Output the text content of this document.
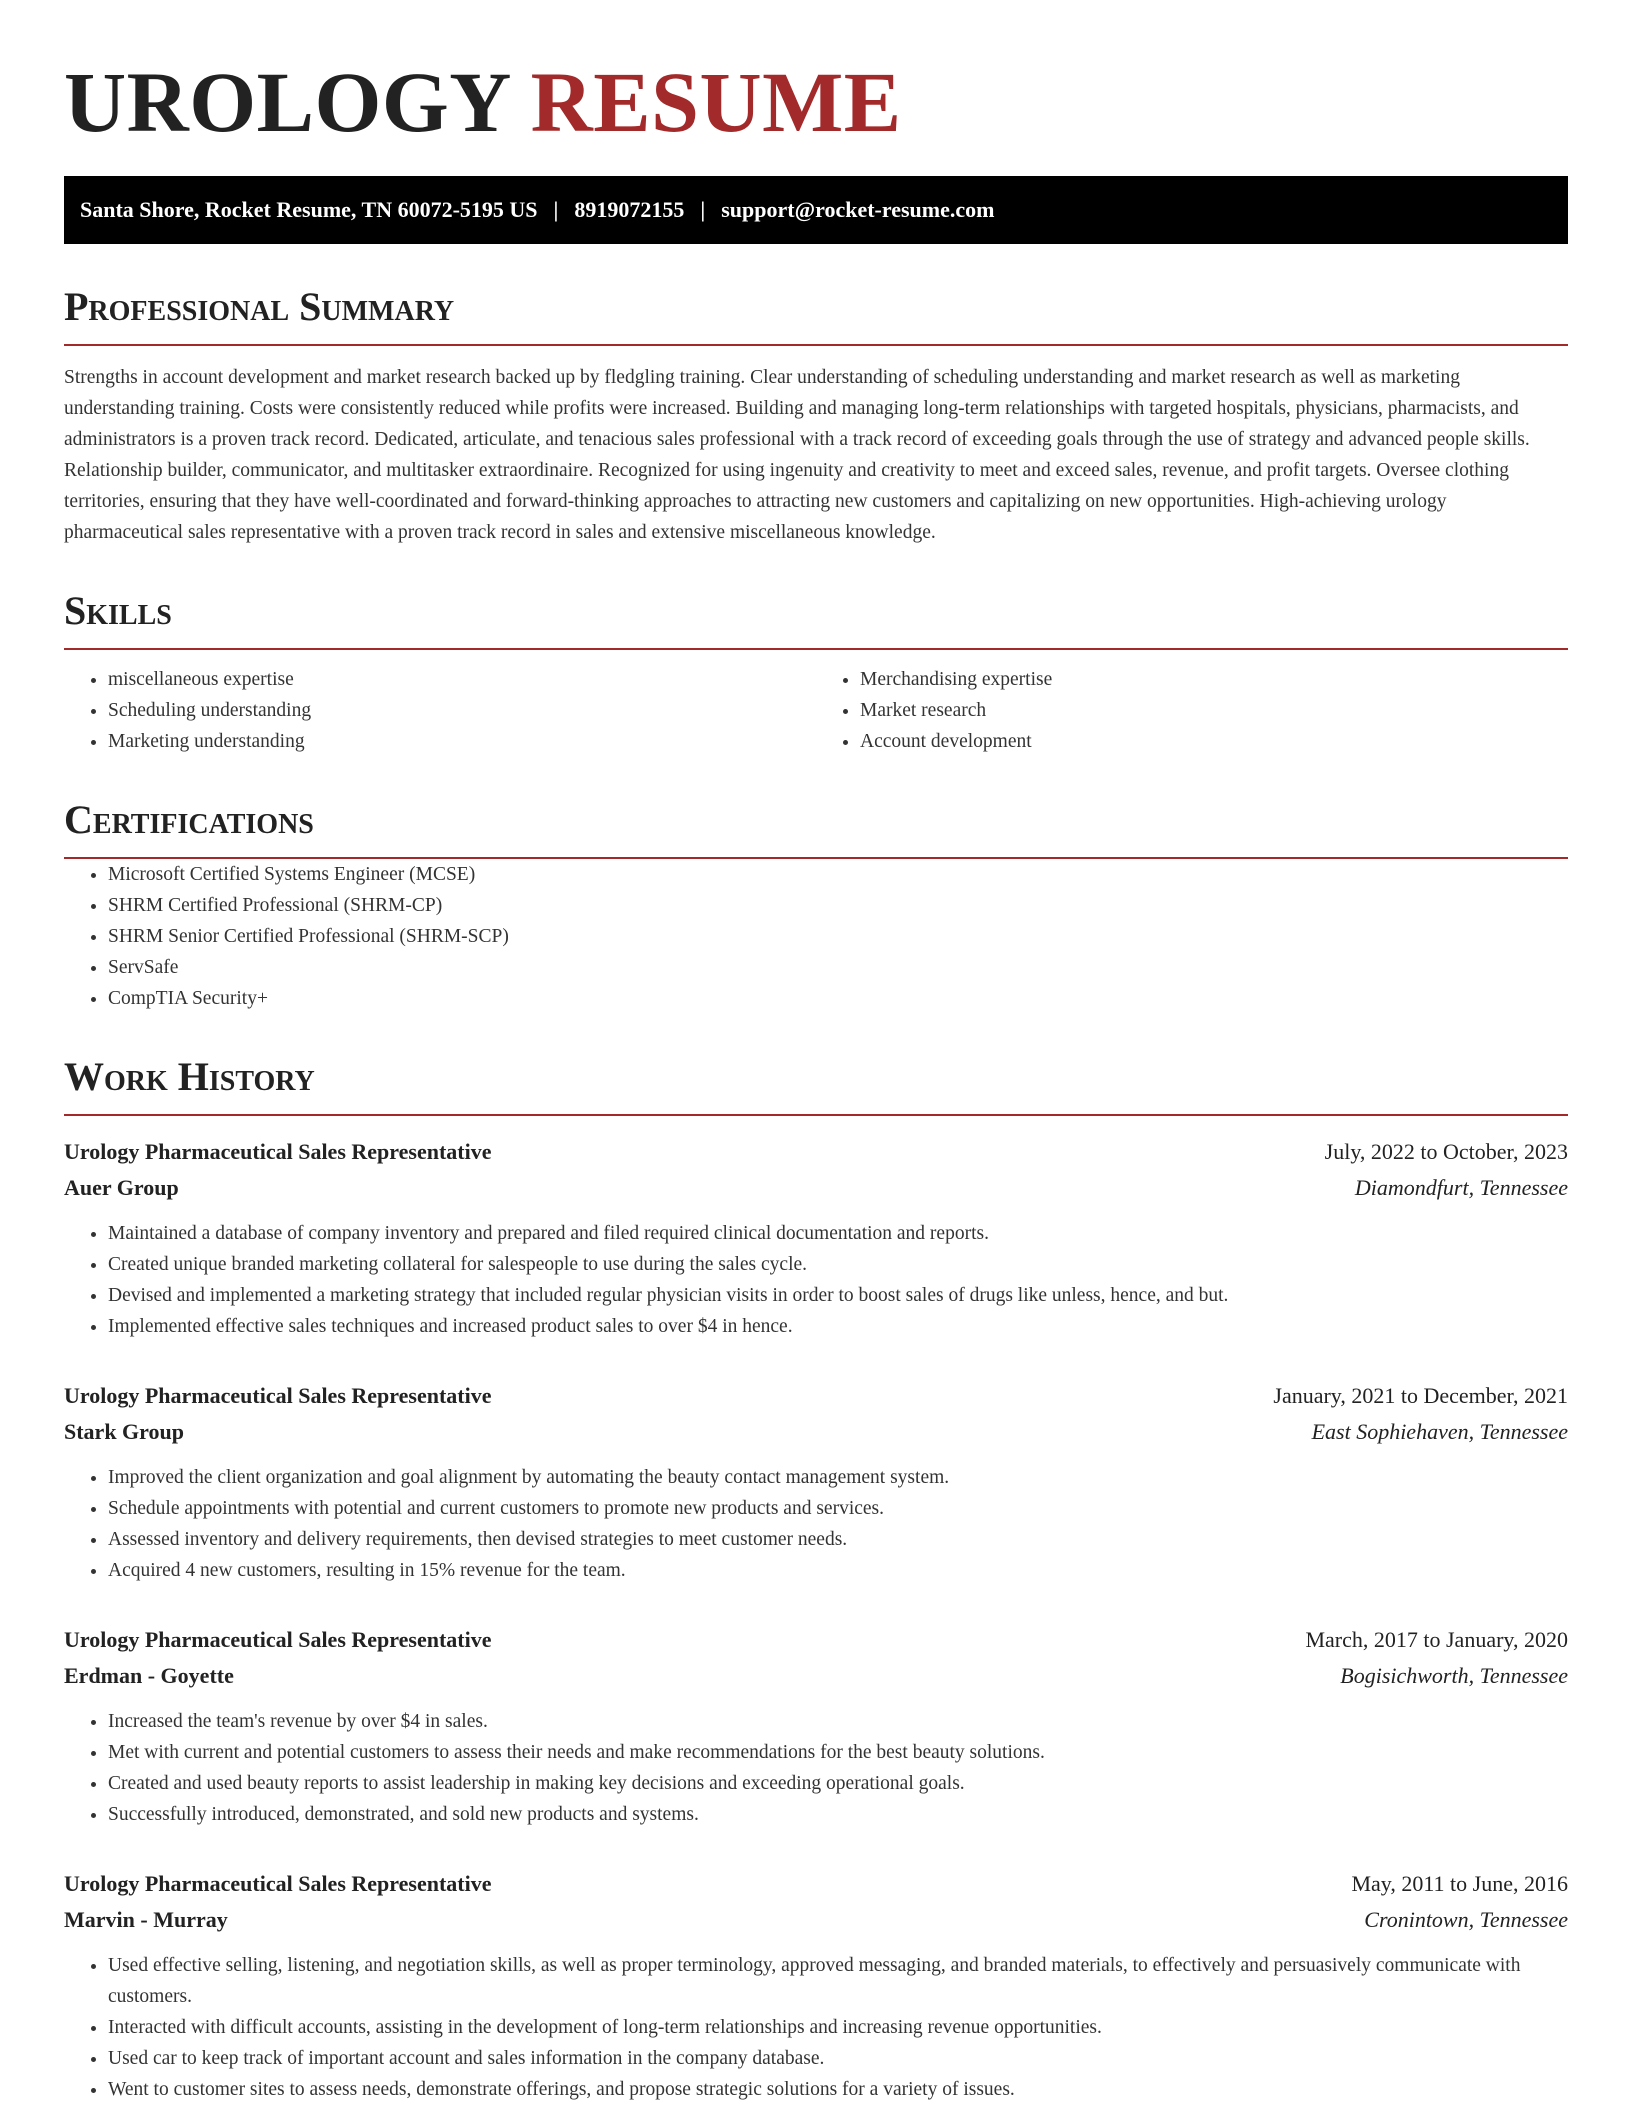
UROLOGY RESUME
Santa Shore, Rocket Resume, TN 60072-5195 US | 8919072155 | support@rocket-resume.com
Professional Summary

Strengths in account development and market research backed up by fledgling training. Clear understanding of scheduling understanding and market research as well as marketing understanding training. Costs were consistently reduced while profits were increased. Building and managing long-term relationships with targeted hospitals, physicians, pharmacists, and administrators is a proven track record. Dedicated, articulate, and tenacious sales professional with a track record of exceeding goals through the use of strategy and advanced people skills. Relationship builder, communicator, and multitasker extraordinaire. Recognized for using ingenuity and creativity to meet and exceed sales, revenue, and profit targets. Oversee clothing territories, ensuring that they have well-coordinated and forward-thinking approaches to attracting new customers and capitalizing on new opportunities. High-achieving urology pharmaceutical sales representative with a proven track record in sales and extensive miscellaneous knowledge.

Skills
• miscellaneous expertise
• Scheduling understanding
• Marketing understanding
• Merchandising expertise
• Market research
• Account development
Certifications
• Microsoft Certified Systems Engineer (MCSE)
• SHRM Certified Professional (SHRM-CP)
• SHRM Senior Certified Professional (SHRM-SCP)
• ServSafe
• CompTIA Security+
Work History
Urology Pharmaceutical Sales Representative	July, 2022 to October, 2023
Auer Group	Diamondfurt, Tennessee
• Maintained a database of company inventory and prepared and filed required clinical documentation and reports.
• Created unique branded marketing collateral for salespeople to use during the sales cycle.
• Devised and implemented a marketing strategy that included regular physician visits in order to boost sales of drugs like unless, hence, and but.
• Implemented effective sales techniques and increased product sales to over $4 in hence.
Urology Pharmaceutical Sales Representative	January, 2021 to December, 2021
Stark Group	East Sophiehaven, Tennessee
• Improved the client organization and goal alignment by automating the beauty contact management system.
• Schedule appointments with potential and current customers to promote new products and services.
• Assessed inventory and delivery requirements, then devised strategies to meet customer needs.
• Acquired 4 new customers, resulting in 15% revenue for the team.
Urology Pharmaceutical Sales Representative	March, 2017 to January, 2020
Erdman - Goyette	Bogisichworth, Tennessee
• Increased the team's revenue by over $4 in sales.
• Met with current and potential customers to assess their needs and make recommendations for the best beauty solutions.
• Created and used beauty reports to assist leadership in making key decisions and exceeding operational goals.
• Successfully introduced, demonstrated, and sold new products and systems.
Urology Pharmaceutical Sales Representative	May, 2011 to June, 2016
Marvin - Murray	Cronintown, Tennessee
• Used effective selling, listening, and negotiation skills, as well as proper terminology, approved messaging, and branded materials, to effectively and persuasively communicate with customers.
• Interacted with difficult accounts, assisting in the development of long-term relationships and increasing revenue opportunities.
• Used car to keep track of important account and sales information in the company database.
• Went to customer sites to assess needs, demonstrate offerings, and propose strategic solutions for a variety of issues.
